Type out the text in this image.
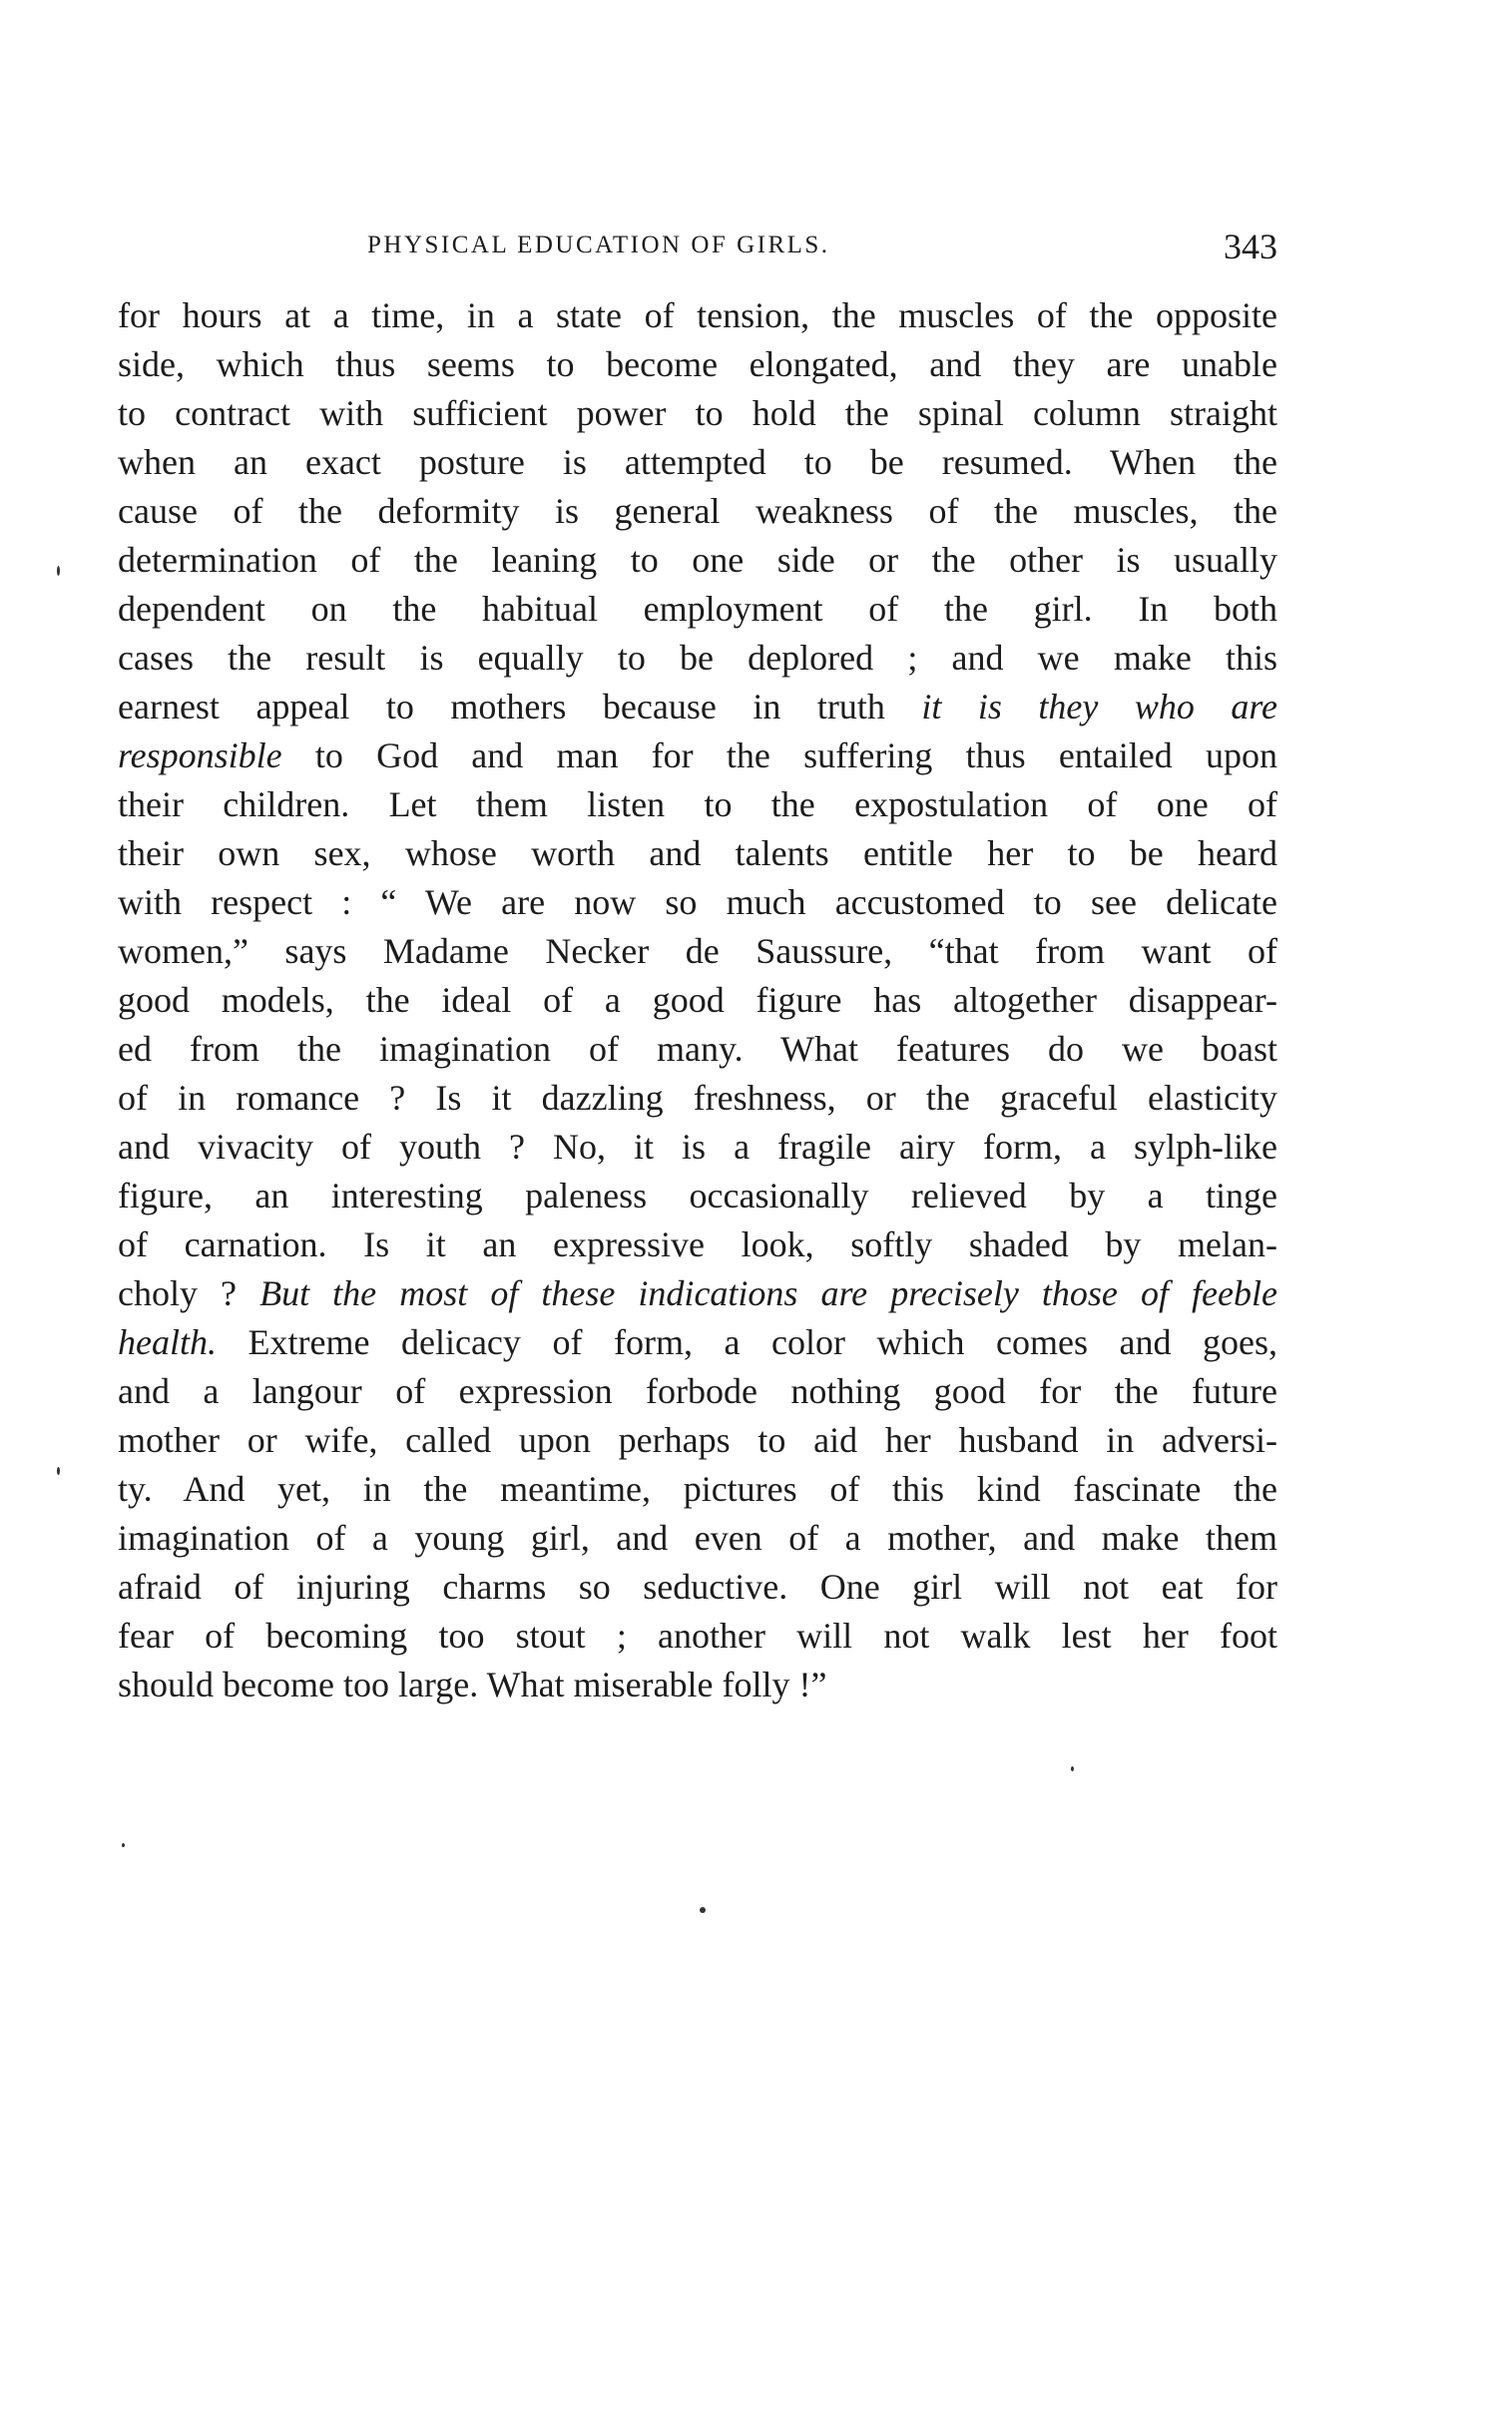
PHYSICAL EDUCATION OF GIRLS.	343
for hours at a time, in a state of tension, the muscles of the opposite
side, which thus seems to become elongated, and they are unable
to contract with sufficient power to hold the spinal column straight
when an exact posture is attempted to be resumed. When the
cause of the deformity is general weakness of the muscles, the
determination of the leaning to one side or the other is usually
dependent on the habitual employment of the girl. In both
cases the result is equally to be deplored ; and we make this
earnest appeal to mothers because in truth it is they who are
responsible to God and man for the suffering thus entailed upon
their children. Let them listen to the expostulation of one of
their own sex, whose worth and talents entitle her to be heard
with respect : “ We are now so much accustomed to see delicate
women,” says Madame Necker de Saussure, “that from want of
good models, the ideal of a good figure has altogether disappear-
ed from the imagination of many. What features do we boast
of in romance ? Is it dazzling freshness, or the graceful elasticity
and vivacity of youth ? No, it is a fragile airy form, a sylph-like
figure, an interesting paleness occasionally relieved by a tinge
of carnation. Is it an expressive look, softly shaded by melan-
choly ? But the most of these indications are precisely those of feeble
health. Extreme delicacy of form, a color which comes and goes,
and a langour of expression forbode nothing good for the future
mother or wife, called upon perhaps to aid her husband in adversi-
ty. And yet, in the meantime, pictures of this kind fascinate the
imagination of a young girl, and even of a mother, and make them
afraid of injuring charms so seductive. One girl will not eat for
fear of becoming too stout ; another will not walk lest her foot
should become too large. What miserable folly !”
